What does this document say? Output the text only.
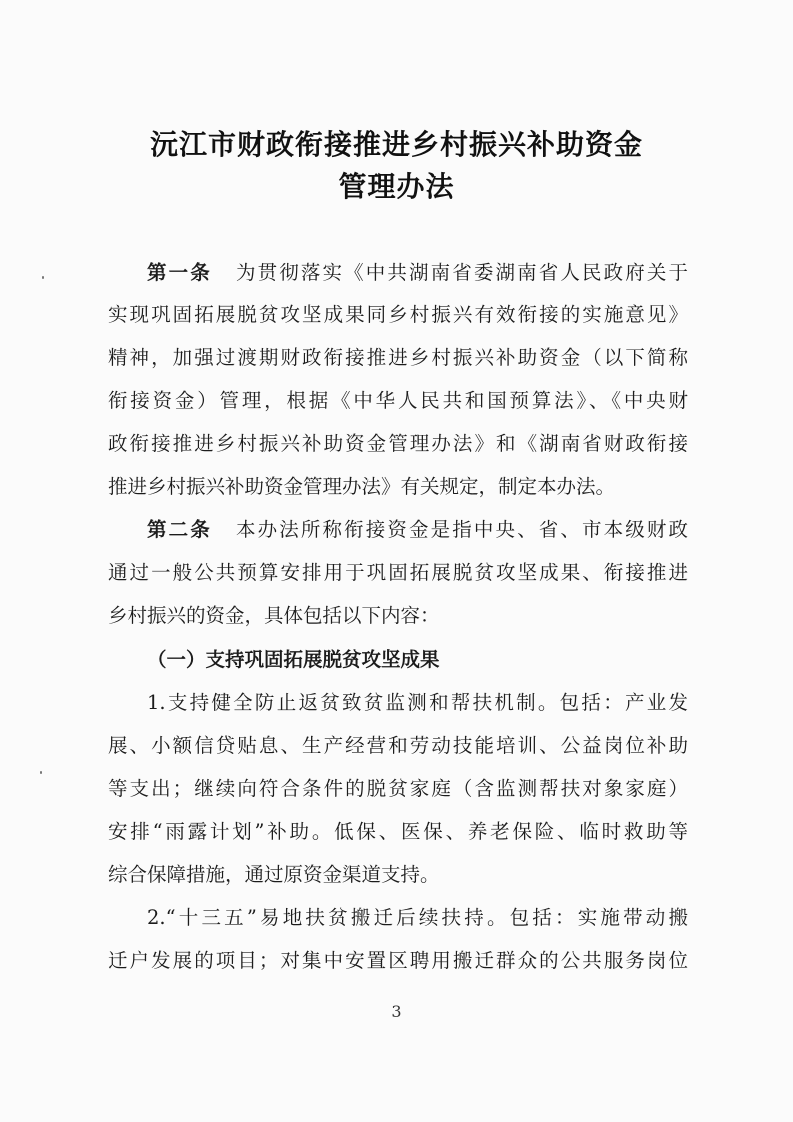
沅江市财政衔接推进乡村振兴补助资金
管理办法

第一条 为贯彻落实《中共湖南省委湖南省人民政府关于

实现巩固拓展脱贫攻坚成果同乡村振兴有效衔接的实施意见》

精神，加强过渡期财政衔接推进乡村振兴补助资金（以下简称

衔接资金）管理，根据《中华人民共和国预算法》、《中央财

政衔接推进乡村振兴补助资金管理办法》和《湖南省财政衔接

推进乡村振兴补助资金管理办法》有关规定，制定本办法。

第二条 本办法所称衔接资金是指中央、省、市本级财政

通过一般公共预算安排用于巩固拓展脱贫攻坚成果、衔接推进

乡村振兴的资金，具体包括以下内容：

（一）支持巩固拓展脱贫攻坚成果

1.支持健全防止返贫致贫监测和帮扶机制。包括：产业发

展、小额信贷贴息、生产经营和劳动技能培训、公益岗位补助

等支出；继续向符合条件的脱贫家庭（含监测帮扶对象家庭）

安排“雨露计划”补助。低保、医保、养老保险、临时救助等

综合保障措施，通过原资金渠道支持。

2.“十三五”易地扶贫搬迁后续扶持。包括：实施带动搬

迁户发展的项目；对集中安置区聘用搬迁群众的公共服务岗位

3
